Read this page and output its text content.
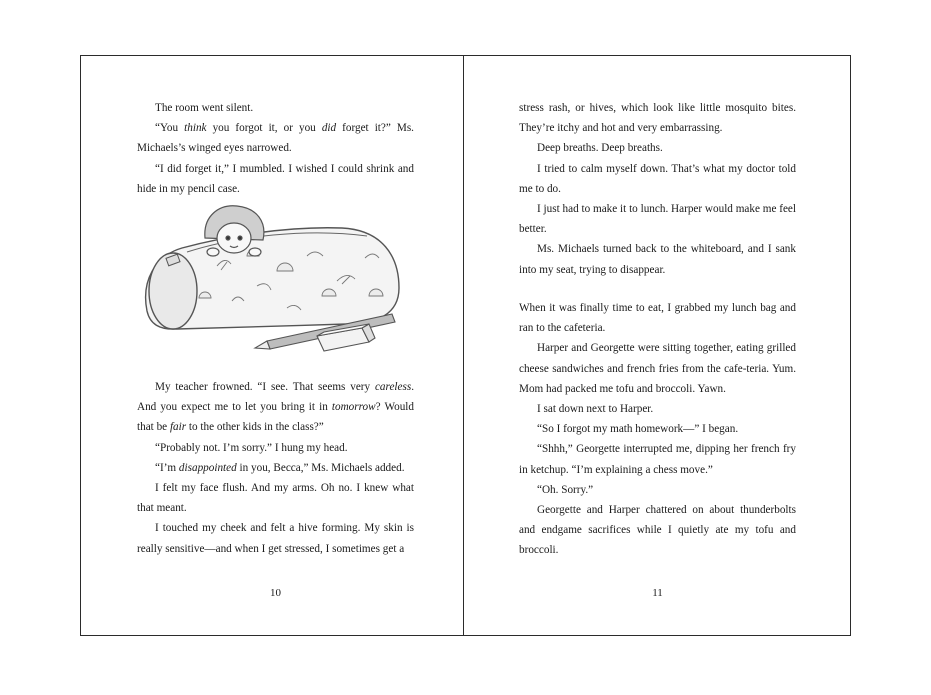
The room went silent.

“You think you forgot it, or you did forget it?” Ms. Michaels’s winged eyes narrowed.

“I did forget it,” I mumbled. I wished I could shrink and hide in my pencil case.

My teacher frowned. “I see. That seems very careless. And you expect me to let you bring it in tomorrow? Would that be fair to the other kids in the class?”

“Probably not. I’m sorry.” I hung my head.

“I’m disappointed in you, Becca,” Ms. Michaels added.

I felt my face flush. And my arms. Oh no. I knew what that meant.

I touched my cheek and felt a hive forming. My skin is really sensitive—and when I get stressed, I sometimes get a

10

stress rash, or hives, which look like little mosquito bites. They’re itchy and hot and very embarrassing.

Deep breaths. Deep breaths.

I tried to calm myself down. That’s what my doctor told me to do.

I just had to make it to lunch. Harper would make me feel better.

Ms. Michaels turned back to the whiteboard, and I sank into my seat, trying to disappear.

When it was finally time to eat, I grabbed my lunch bag and ran to the cafeteria.

Harper and Georgette were sitting together, eating grilled cheese sandwiches and french fries from the cafe-teria. Yum. Mom had packed me tofu and broccoli. Yawn.

I sat down next to Harper.

“So I forgot my math homework—” I began.

“Shhh,” Georgette interrupted me, dipping her french fry in ketchup. “I’m explaining a chess move.”

“Oh. Sorry.”

Georgette and Harper chattered on about thunderbolts and endgame sacrifices while I quietly ate my tofu and broccoli.

11
